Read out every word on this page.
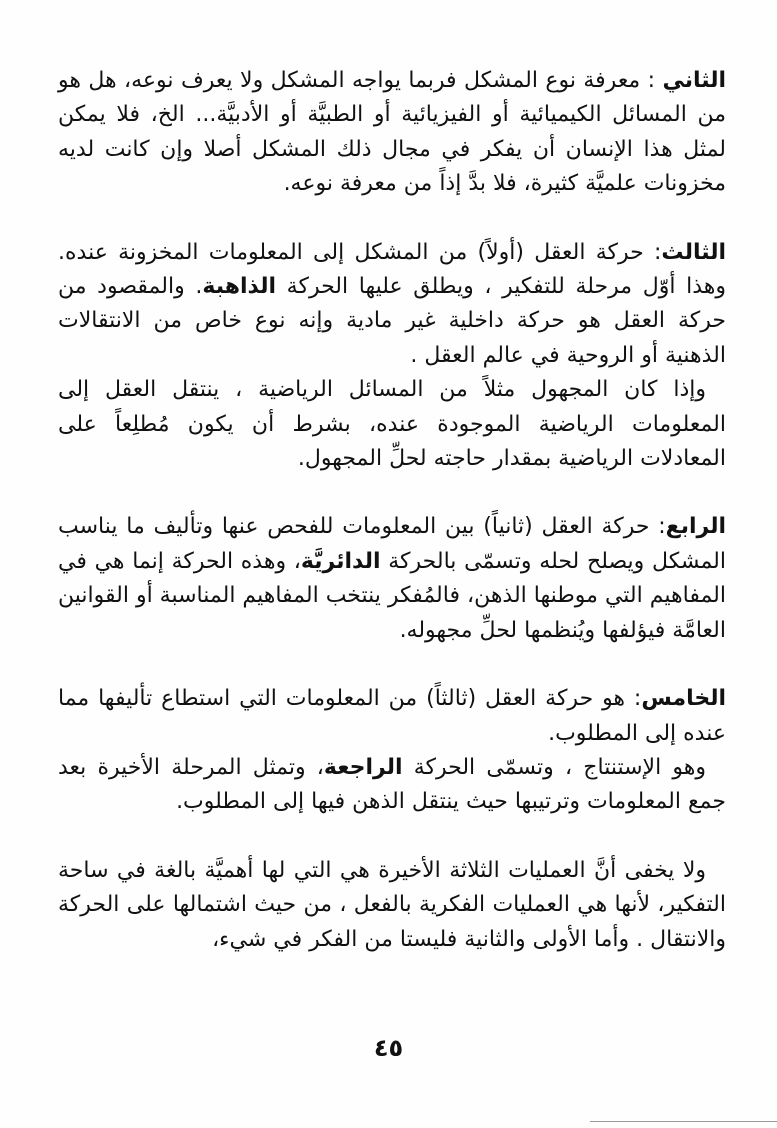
الثاني : معرفة نوع المشكل فربما يواجه المشكل ولا يعرف نوعه، هل هو من المسائل الكيميائية أو الفيزيائية أو الطبيَّة أو الأدبيَّة... الخ، فلا يمكن لمثل هذا الإنسان أن يفكر في مجال ذلك المشكل أصلا وإن كانت لديه مخزونات علميَّة كثيرة، فلا بدَّ إذاً من معرفة نوعه.

الثالث: حركة العقل (أولاً) من المشكل إلى المعلومات المخزونة عنده. وهذا أوّل مرحلة للتفكير ، ويطلق عليها الحركة الذاهبة. والمقصود من حركة العقل هو حركة داخلية غير مادية وإنه نوع خاص من الانتقالات الذهنية أو الروحية في عالم العقل .

وإذا كان المجهول مثلاً من المسائل الرياضية ، ينتقل العقل إلى المعلومات الرياضية الموجودة عنده، بشرط أن يكون مُطلِعاً على المعادلات الرياضية بمقدار حاجته لحلِّ المجهول.

الرابع: حركة العقل (ثانياً) بين المعلومات للفحص عنها وتأليف ما يناسب المشكل ويصلح لحله وتسمّى بالحركة الدائريَّة، وهذه الحركة إنما هي في المفاهيم التي موطنها الذهن، فالمُفكر ينتخب المفاهيم المناسبة أو القوانين العامَّة فيؤلفها ويُنظمها لحلِّ مجهوله.

الخامس: هو حركة العقل (ثالثاً) من المعلومات التي استطاع تأليفها مما عنده إلى المطلوب.

وهو الإستنتاج ، وتسمّى الحركة الراجعة، وتمثل المرحلة الأخيرة بعد جمع المعلومات وترتيبها حيث ينتقل الذهن فيها إلى المطلوب.

ولا يخفى أنَّ العمليات الثلاثة الأخيرة هي التي لها أهميَّة بالغة في ساحة التفكير، لأنها هي العمليات الفكرية بالفعل ، من حيث اشتمالها على الحركة والانتقال . وأما الأولى والثانية فليستا من الفكر في شيء،

٤٥
